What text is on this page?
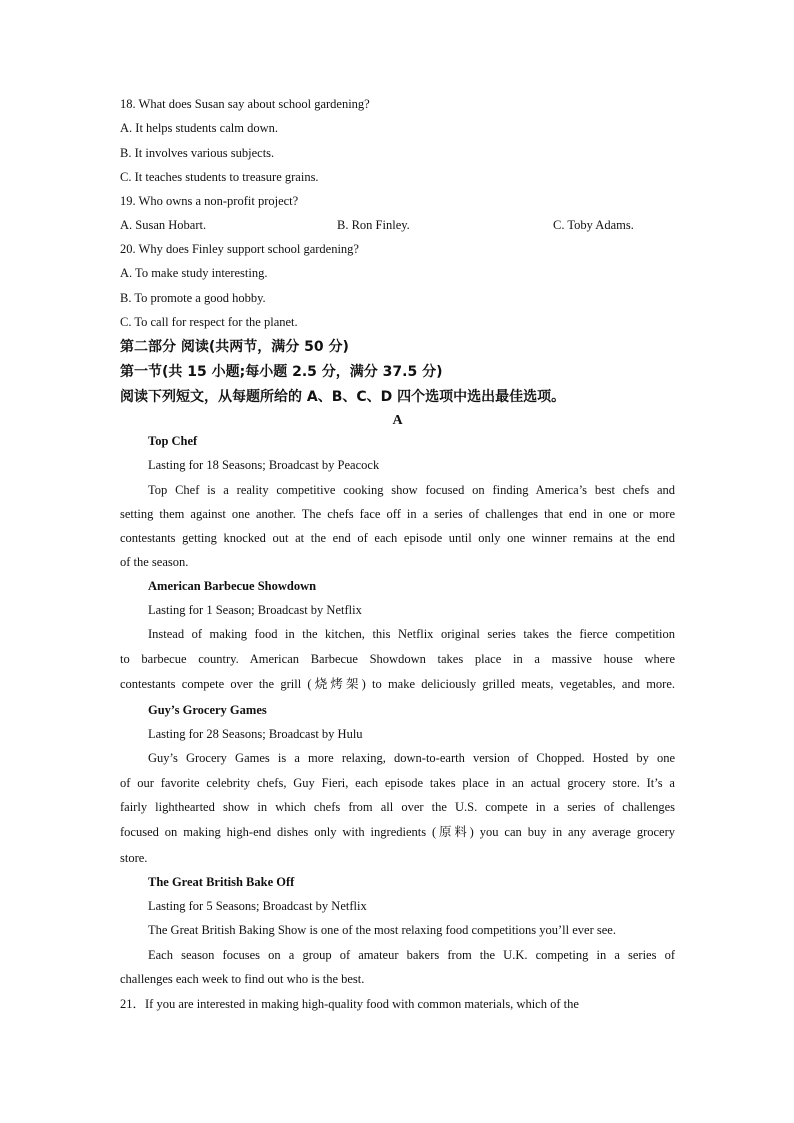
18. What does Susan say about school gardening?
A. It helps students calm down.
B. It involves various subjects.
C. It teaches students to treasure grains.
19. Who owns a non-profit project?
A. Susan Hobart.	B. Ron Finley.	C. Toby Adams.
20. Why does Finley support school gardening?
A. To make study interesting.
B. To promote a good hobby.
C. To call for respect for the planet.
第二部分 阅读(共两节，满分 50 分)
第一节(共 15 小题;每小题 2.5 分，满分 37.5 分)
阅读下列短文，从每题所给的 A、B、C、D 四个选项中选出最佳选项。
A
Top Chef
Lasting for 18 Seasons; Broadcast by Peacock
Top Chef is a reality competitive cooking show focused on finding America’s best chefs and
setting them against one another. The chefs face off in a series of challenges that end in one or more
contestants getting knocked out at the end of each episode until only one winner remains at the end
of the season.
American Barbecue Showdown
Lasting for 1 Season; Broadcast by Netflix
Instead of making food in the kitchen, this Netflix original series takes the fierce competition
to barbecue country. American Barbecue Showdown takes place in a massive house where
contestants compete over the grill (烧烤架) to make deliciously grilled meats, vegetables, and more.
Guy’s Grocery Games
Lasting for 28 Seasons; Broadcast by Hulu
Guy’s Grocery Games is a more relaxing, down-to-earth version of Chopped. Hosted by one
of our favorite celebrity chefs, Guy Fieri, each episode takes place in an actual grocery store. It’s a
fairly lighthearted show in which chefs from all over the U.S. compete in a series of challenges
focused on making high-end dishes only with ingredients (原料) you can buy in any average grocery
store.
The Great British Bake Off
Lasting for 5 Seasons; Broadcast by Netflix
The Great British Baking Show is one of the most relaxing food competitions you’ll ever see.
Each season focuses on a group of amateur bakers from the U.K. competing in a series of
challenges each week to find out who is the best.
21．If you are interested in making high-quality food with common materials, which of the
